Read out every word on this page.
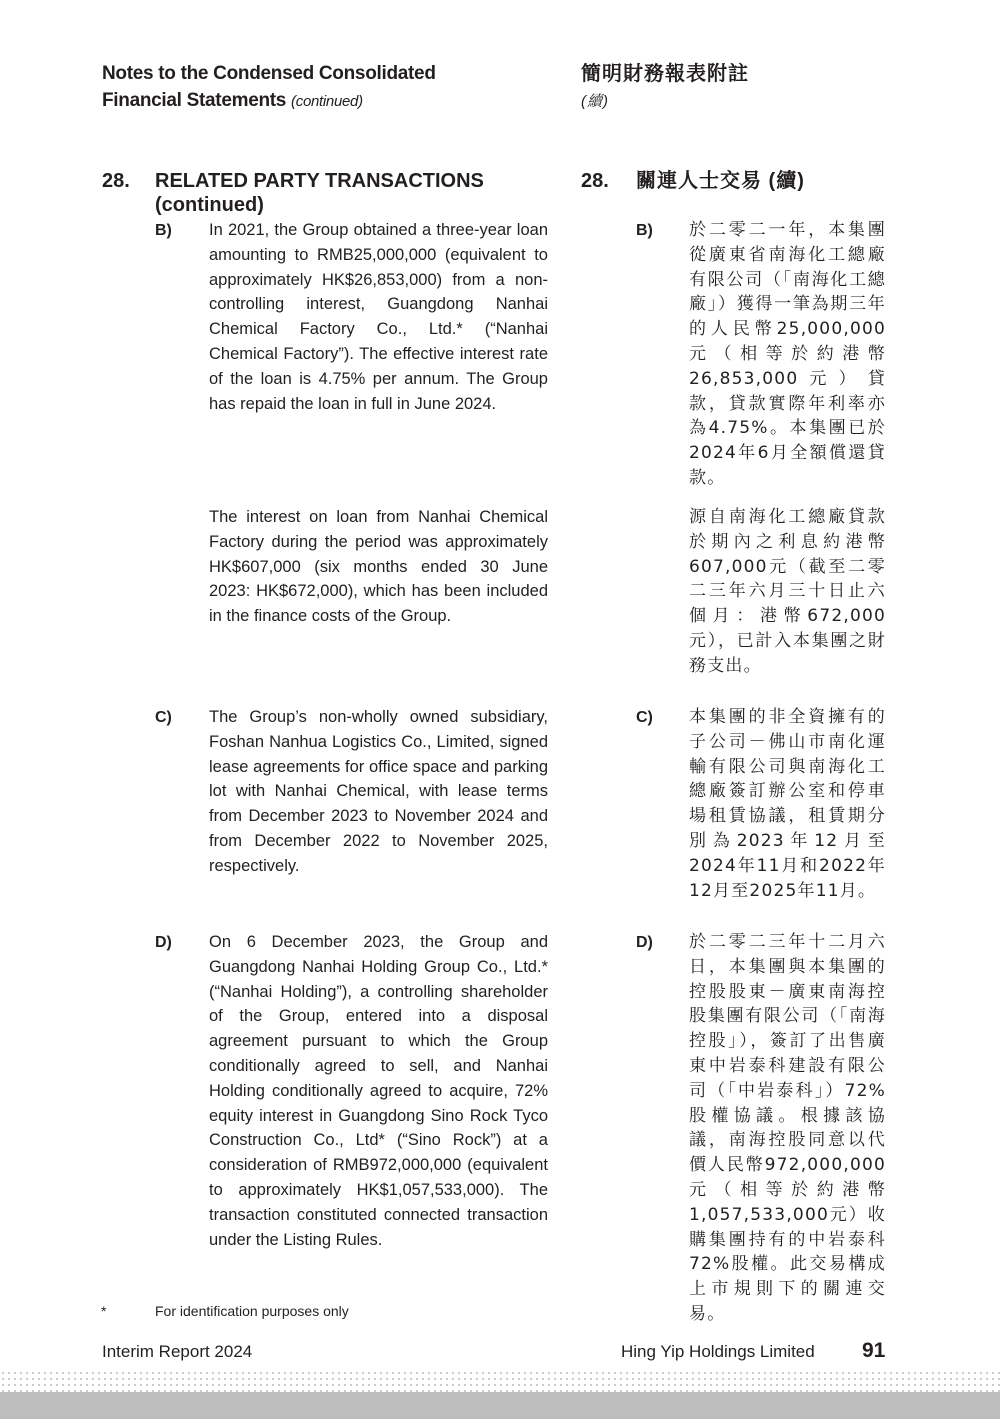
Notes to the Condensed Consolidated
Financial Statements (continued)
簡明財務報表附註
(續)
28. RELATED PARTY TRANSACTIONS
(continued)
28. 關連人士交易 (續)
B) In 2021, the Group obtained a three-year loan amounting to RMB25,000,000 (equivalent to approximately HK$26,853,000) from a non-controlling interest, Guangdong Nanhai Chemical Factory Co., Ltd.* (“Nanhai Chemical Factory”). The effective interest rate of the loan is 4.75% per annum. The Group has repaid the loan in full in June 2024.
The interest on loan from Nanhai Chemical Factory during the period was approximately HK$607,000 (six months ended 30 June 2023: HK$672,000), which has been included in the finance costs of the Group.
B) 於二零二一年，本集團從廣東省南海化工總廠有限公司（「南海化工總廠」）獲得一筆為期三年的人民幣25,000,000元（相等於約港幣26,853,000元）貸款，貸款實際年利率亦為4.75%。本集團已於2024年6月全額償還貸款。
源自南海化工總廠貸款於期內之利息約港幣607,000元（截至二零二三年六月三十日止六個月：港幣672,000元），已計入本集團之財務支出。
C) The Group’s non-wholly owned subsidiary, Foshan Nanhua Logistics Co., Limited, signed lease agreements for office space and parking lot with Nanhai Chemical, with lease terms from December 2023 to November 2024 and from December 2022 to November 2025, respectively.
C) 本集團的非全資擁有的子公司－佛山市南化運輸有限公司與南海化工總廠簽訂辦公室和停車場租賃協議，租賃期分別為2023年12月至2024年11月和2022年12月至2025年11月。
D) On 6 December 2023, the Group and Guangdong Nanhai Holding Group Co., Ltd.* (“Nanhai Holding”), a controlling shareholder of the Group, entered into a disposal agreement pursuant to which the Group conditionally agreed to sell, and Nanhai Holding conditionally agreed to acquire, 72% equity interest in Guangdong Sino Rock Tyco Construction Co., Ltd* (“Sino Rock”) at a consideration of RMB972,000,000 (equivalent to approximately HK$1,057,533,000). The transaction constituted connected transaction under the Listing Rules.
D) 於二零二三年十二月六日，本集團與本集團的控股股東－廣東南海控股集團有限公司（「南海控股」），簽訂了出售廣東中岩泰科建設有限公司（「中岩泰科」）72%股權協議。根據該協議，南海控股同意以代價人民幣972,000,000元（相等於約港幣1,057,533,000元）收購集團持有的中岩泰科72%股權。此交易構成上市規則下的關連交易。
*	For identification purposes only
Interim Report 2024	Hing Yip Holdings Limited 91
